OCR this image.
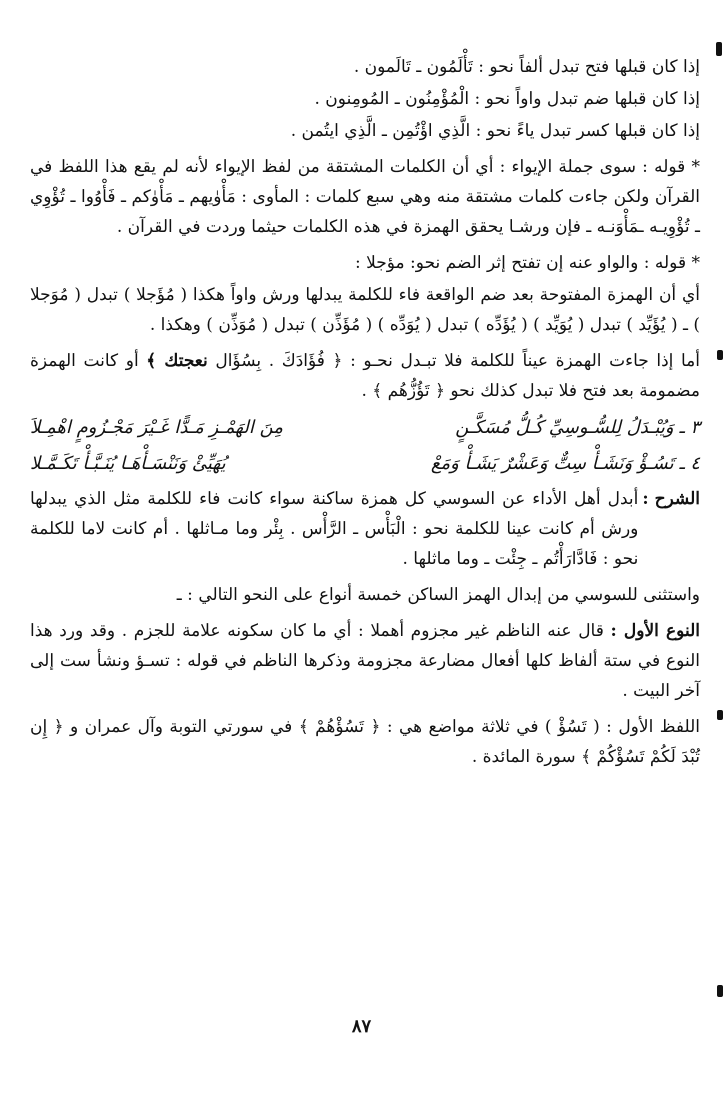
إذا كان قبلها فتح تبدل ألفاً نحو : تَأْلَمُون ـ تَالَمون .

إذا كان قبلها ضم تبدل واواً نحو : الْمُؤْمِنُون ـ المُومِنون .

إذا كان قبلها كسر تبدل ياءً نحو : الَّذِي اؤْتُمِن ـ الَّذِي ايتُمن .

* قوله : سوى جملة الإيواء : أي أن الكلمات المشتقة من لفظ الإيواء لأنه لم يقع هذا اللفظ في القرآن ولكن جاءت كلمات مشتقة منه وهي سبع كلمات : المأوى : مَأْوٰيهم ـ مَأْوٰكم ـ فَأْوُوا ـ تُؤْوِي ـ تُؤْوِيـه ـمَأْوَنـه ـ فإن ورشـا يحقق الهمزة في هذه الكلمات حيثما وردت في القرآن .

* قوله : والواو عنه إن تفتح إثر الضم نحو: مؤجلا :

أي أن الهمزة المفتوحة بعد ضم الواقعة فاء للكلمة يبدلها ورش واواً هكذا ( مُؤَجلا ) تبدل ( مُوَجلا ) ـ ( يُؤَيِّد ) تبدل ( يُوَيِّد ) ( يُؤَدِّه ) تبدل ( يُوَدِّه ) ( مُؤَذِّن ) تبدل ( مُوَذِّن ) وهكذا .

أما إذا جاءت الهمزة عيناً للكلمة فلا تبـدل نحـو : ﴿ فُؤَادَكَ . بِسُؤَال نعجتك ﴾ أو كانت الهمزة مضمومة بعد فتح فلا تبدل كذلك نحو ﴿ تَؤُزُّهُم ﴾ .

٣ ـ وَيُبْـدَلُ لِلسُّـوسِيِّ كُـلُّ مُسَكَّـنٍ
مِنَ الهَمْـزِ مَـدًّا غَـيْرَ مَجْـزُومٍ اهْمِـلاَ
٤ ـ تَسُـؤْ وَنَشَـأْ سِتٌّ وَعَشْرٌ يَشَـأْ وَمَعْ
يُهَيِّئْ وَنَنْسَـأْهَـا يُنَـبَّـأْ تَكَـمَّـلا
الشرح :
أبدل أهل الأداء عن السوسي كل همزة ساكنة سواء كانت فاء للكلمة مثل الذي يبدلها ورش أم كانت عينا للكلمة نحو : الْبَأْس ـ الرَّأْس . بِئْر وما مـاثلها . أم كانت لاما للكلمة نحو : فَادَّارَأْتُم ـ جِئْت ـ وما ماثلها .

واستثنى للسوسي من إبدال الهمز الساكن خمسة أنواع على النحو التالي : ـ

النوع الأول : قال عنه الناظم غير مجزوم أهملا : أي ما كان سكونه علامة للجزم . وقد ورد هذا النوع في ستة ألفاظ كلها أفعال مضارعة مجزومة وذكرها الناظم في قوله : تسـؤ ونشأ ست إلى آخر البيت .

اللفظ الأول : ( تَسُؤْ ) في ثلاثة مواضع هي : ﴿ تَسُؤْهُمْ ﴾ في سورتي التوبة وآل عمران و ﴿ إِن تُبْدَ لَكُمْ تَسُؤْكُمْ ﴾ سورة المائدة .

٨٧
